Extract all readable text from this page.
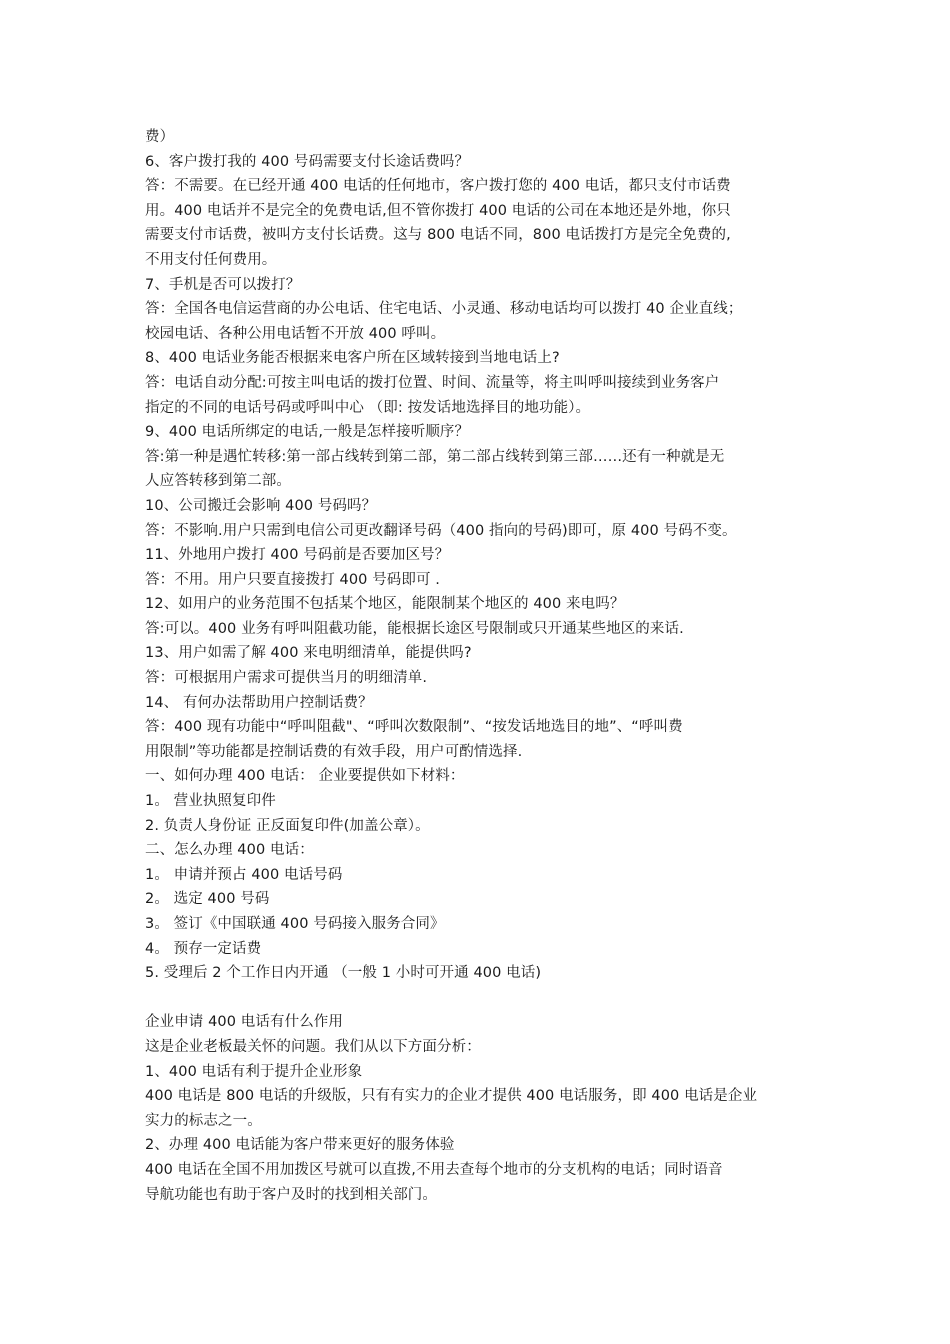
费）
6、客户拨打我的 400 号码需要支付长途话费吗？
答：不需要。在已经开通 400 电话的任何地市，客户拨打您的 400 电话，都只支付市话费
用。400 电话并不是完全的免费电话,但不管你拨打 400 电话的公司在本地还是外地，你只
需要支付市话费，被叫方支付长话费。这与 800 电话不同，800 电话拨打方是完全免费的,
不用支付任何费用。
7、手机是否可以拨打？
答：全国各电信运营商的办公电话、住宅电话、小灵通、移动电话均可以拨打 40 企业直线；
校园电话、各种公用电话暂不开放 400 呼叫。
8、400 电话业务能否根据来电客户所在区域转接到当地电话上?
答：电话自动分配:可按主叫电话的拨打位置、时间、流量等，将主叫呼叫接续到业务客户
指定的不同的电话号码或呼叫中心 （即: 按发话地选择目的地功能）。
9、400 电话所绑定的电话,一般是怎样接听顺序？
答:第一种是遇忙转移:第一部占线转到第二部，第二部占线转到第三部……还有一种就是无
人应答转移到第二部。
10、公司搬迁会影响 400 号码吗？
答：不影响.用户只需到电信公司更改翻译号码（400 指向的号码)即可，原 400 号码不变。
11、外地用户拨打 400 号码前是否要加区号？
答：不用。用户只要直接拨打 400 号码即可 .
12、如用户的业务范围不包括某个地区，能限制某个地区的 400 来电吗？
答:可以。400 业务有呼叫阻截功能，能根据长途区号限制或只开通某些地区的来话.
13、用户如需了解 400 来电明细清单，能提供吗?
答：可根据用户需求可提供当月的明细清单.
14、 有何办法帮助用户控制话费？
答：400 现有功能中“呼叫阻截"、“呼叫次数限制”、“按发话地选目的地”、“呼叫费
用限制”等功能都是控制话费的有效手段，用户可酌情选择.
一、如何办理 400 电话： 企业要提供如下材料：
1。 营业执照复印件
2. 负责人身份证 正反面复印件(加盖公章）。
二、怎么办理 400 电话：
1。 申请并预占 400 电话号码
2。 选定 400 号码
3。 签订《中国联通 400 号码接入服务合同》
4。 预存一定话费
5. 受理后 2 个工作日内开通 （一般 1 小时可开通 400 电话)
企业申请 400 电话有什么作用
这是企业老板最关怀的问题。我们从以下方面分析：
1、400 电话有利于提升企业形象
400 电话是 800 电话的升级版，只有有实力的企业才提供 400 电话服务，即 400 电话是企业
实力的标志之一。
2、办理 400 电话能为客户带来更好的服务体验
400 电话在全国不用加拨区号就可以直拨,不用去查每个地市的分支机构的电话；同时语音
导航功能也有助于客户及时的找到相关部门。
